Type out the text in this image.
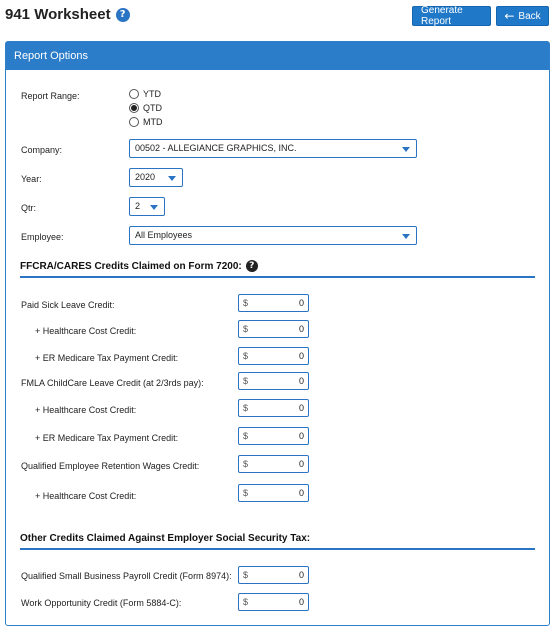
941 Worksheet ?	Generate Report	← Back
Report Options
Report Range:	YTD
QTD
MTD
Company:	00502 - ALLEGIANCE GRAPHICS, INC.
Year:	2020
Qtr:	2
Employee:	All Employees
FFCRA/CARES Credits Claimed on Form 7200: ?
Paid Sick Leave Credit:	$	0
+ Healthcare Cost Credit:	$	0
+ ER Medicare Tax Payment Credit:	$	0
FMLA ChildCare Leave Credit (at 2/3rds pay):	$	0
+ Healthcare Cost Credit:	$	0
+ ER Medicare Tax Payment Credit:	$	0
Qualified Employee Retention Wages Credit:	$	0
+ Healthcare Cost Credit:	$	0
Other Credits Claimed Against Employer Social Security Tax:
Qualified Small Business Payroll Credit (Form 8974): $	0
Work Opportunity Credit (Form 5884-C):	$	0
